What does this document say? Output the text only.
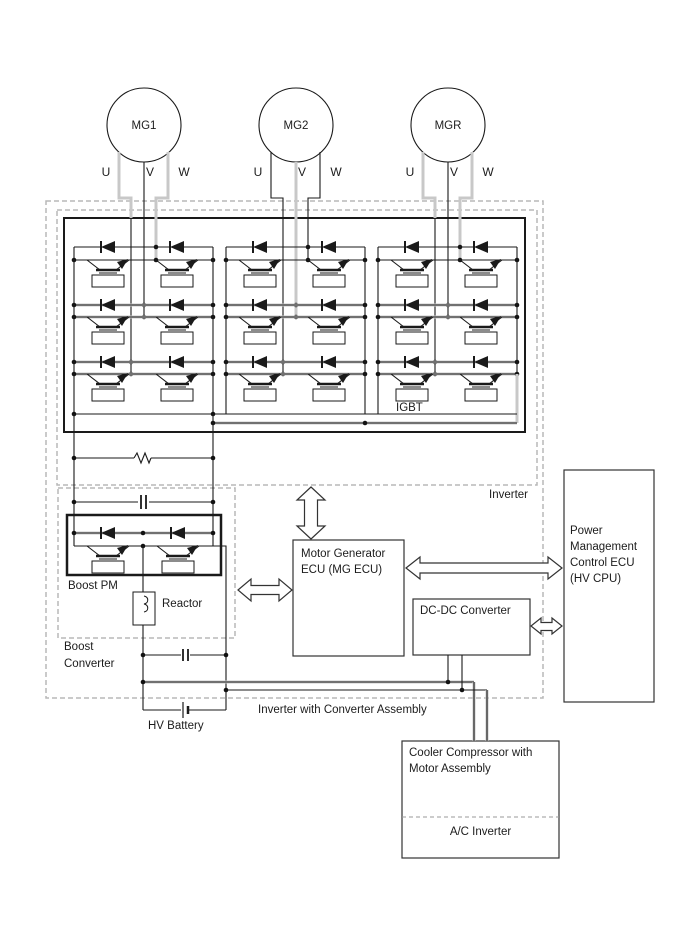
MG1	MG2	MGR
U	V W	U	V W	U	V W
IGBT
Inverter
Boost PM
Reactor
Boost
Converter
HV Battery
Inverter with Converter Assembly
Motor Generator
ECU (MG ECU)
DC-DC Converter
Power
Management
Control ECU
(HV CPU)
Cooler Compressor with
Motor Assembly
A/C Inverter
